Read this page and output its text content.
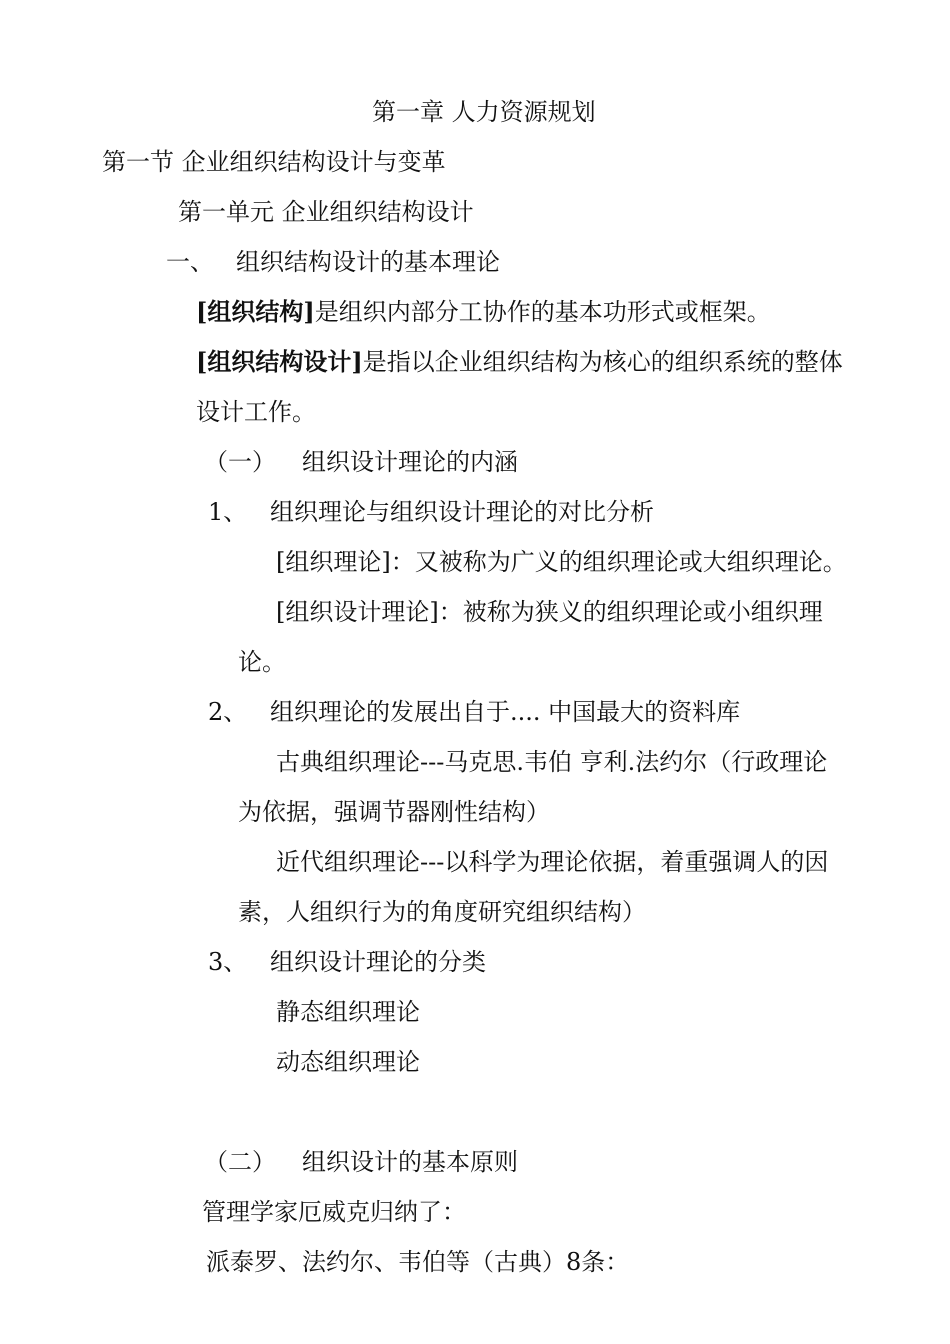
第一章 人力资源规划
第一节 企业组织结构设计与变革
第一单元 企业组织结构设计
一、 组织结构设计的基本理论
[组织结构]是组织内部分工协作的基本功形式或框架。
[组织结构设计]是指以企业组织结构为核心的组织系统的整体
设计工作。
（一） 组织设计理论的内涵
1、 组织理论与组织设计理论的对比分析
[组织理论]：又被称为广义的组织理论或大组织理论。
[组织设计理论]：被称为狭义的组织理论或小组织理
论。
2、 组织理论的发展出自于.... 中国最大的资料库
古典组织理论---马克思.韦伯 亨利.法约尔（行政理论
为依据，强调节器刚性结构）
近代组织理论---以科学为理论依据，着重强调人的因
素，人组织行为的角度研究组织结构）
3、 组织设计理论的分类
静态组织理论
动态组织理论
（二） 组织设计的基本原则
管理学家厄威克归纳了：
派泰罗、法约尔、韦伯等（古典）8条：
